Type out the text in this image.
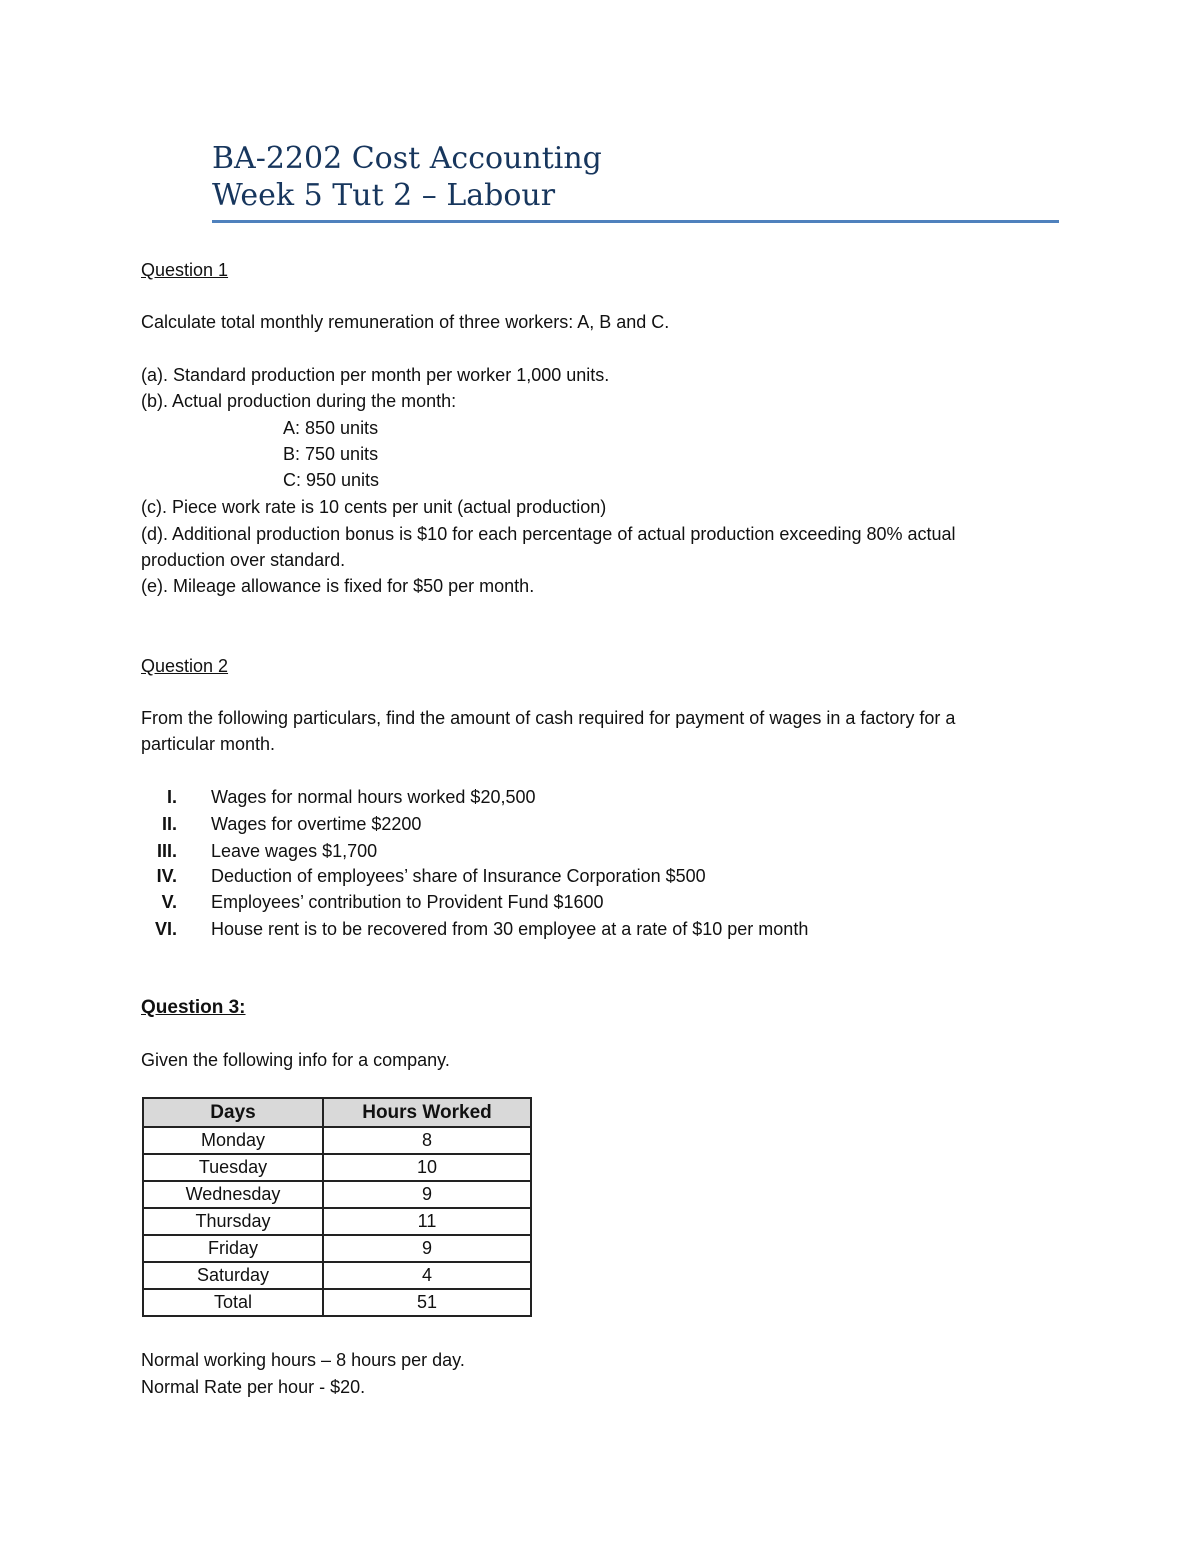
BA-2202 Cost Accounting
Week 5 Tut 2 – Labour
Question 1
Calculate total monthly remuneration of three workers: A, B and C.
(a). Standard production per month per worker 1,000 units.
(b). Actual production during the month:
A: 850 units
B: 750 units
C: 950 units
(c). Piece work rate is 10 cents per unit (actual production)
(d). Additional production bonus is $10 for each percentage of actual production exceeding 80% actual
production over standard.
(e). Mileage allowance is fixed for $50 per month.
Question 2
From the following particulars, find the amount of cash required for payment of wages in a factory for a
particular month.
I. Wages for normal hours worked $20,500
II. Wages for overtime $2200
III. Leave wages $1,700
IV. Deduction of employees’ share of Insurance Corporation $500
V. Employees’ contribution to Provident Fund $1600
VI. House rent is to be recovered from 30 employee at a rate of $10 per month
Question 3:
Given the following info for a company.
Days	Hours Worked
Monday	8
Tuesday	10
Wednesday	9
Thursday	11
Friday	9
Saturday	4
Total	51
Normal working hours – 8 hours per day.
Normal Rate per hour - $20.
